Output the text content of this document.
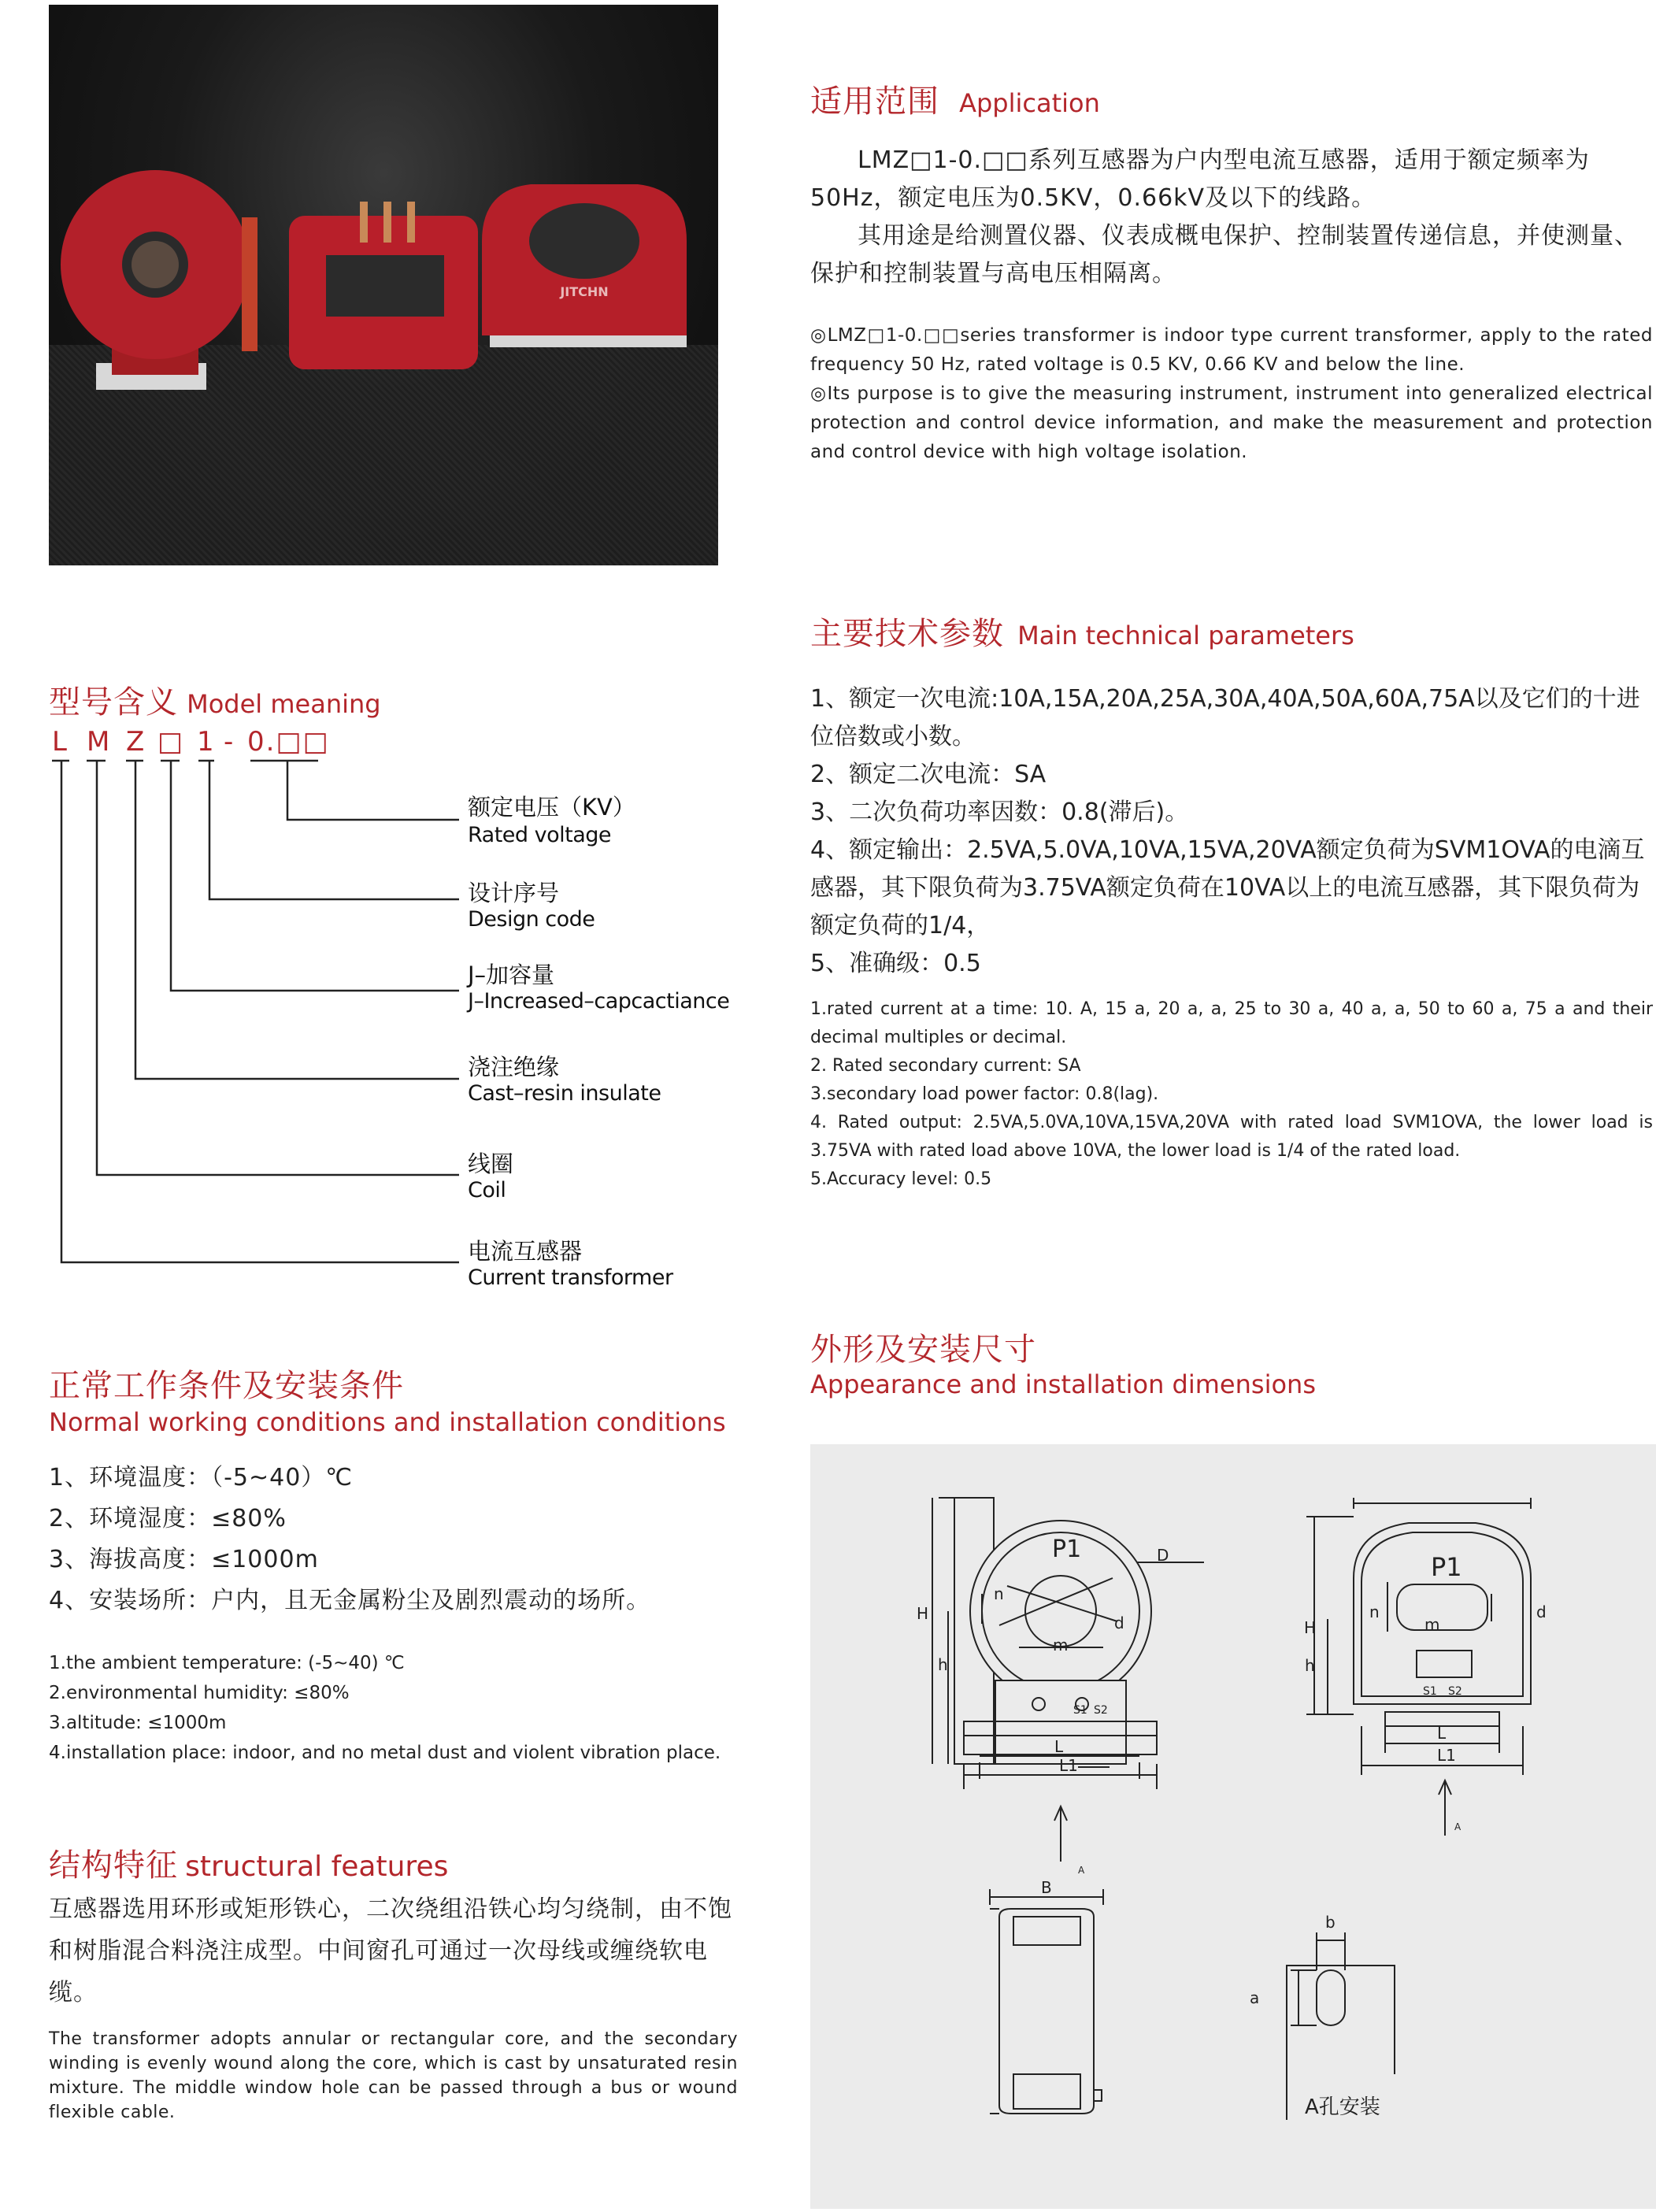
JITCHN
适用范围 Application

LMZ□1-0.□□系列互感器为户内型电流互感器，适用于额定频率为50Hz，额定电压为0.5KV，0.66kV及以下的线路。

其用途是给测置仪器、仪表成概电保护、控制装置传递信息，并使测量、保护和控制装置与高电压相隔离。

◎LMZ□1-0.□□series transformer is indoor type current transformer, apply to the rated frequency 50 Hz, rated voltage is 0.5 KV, 0.66 KV and below the line.

◎Its purpose is to give the measuring instrument, instrument into generalized electrical protection and control device information, and make the measurement and protection and control device with high voltage isolation.

型号含义 Model meaning
L M Z □ 1 - 0.□□
额定电压（KV）
Rated voltage
设计序号
Design code
J–加容量
J–Increased–capcactiance
浇注绝缘
Cast–resin insulate
线圈
Coil
电流互感器
Current transformer
主要技术参数 Main technical parameters

1、额定一次电流:10A,15A,20A,25A,30A,40A,50A,60A,75A以及它们的十进位倍数或小数。

2、额定二次电流：SA

3、二次负荷功率因数：0.8(滞后)。

4、额定输出：2.5VA,5.0VA,10VA,15VA,20VA额定负荷为SVM1OVA的电滴互感器，其下限负荷为3.75VA额定负荷在10VA以上的电流互感器，其下限负荷为额定负荷的1/4，

5、准确级：0.5

1.rated current at a time: 10. A, 15 a, 20 a, a, 25 to 30 a, 40 a, a, 50 to 60 a, 75 a and their decimal multiples or decimal.

2. Rated secondary current: SA

3.secondary load power factor: 0.8(lag).

4. Rated output: 2.5VA,5.0VA,10VA,15VA,20VA with rated load SVM1OVA, the lower load is 3.75VA with rated load above 10VA, the lower load is 1/4 of the rated load.

5.Accuracy level: 0.5

正常工作条件及安装条件
Normal working conditions and installation conditions

1、环境温度：（-5~40）℃

2、环境湿度：≤80%

3、海拔高度：≤1000m

4、安装场所：户内，且无金属粉尘及剧烈震动的场所。

1.the ambient temperature: (-5~40) ℃

2.environmental humidity: ≤80%

3.altitude: ≤1000m

4.installation place: indoor, and no metal dust and violent vibration place.

结构特征 structural features

互感器选用环形或矩形铁心，二次绕组沿铁心均匀绕制，由不饱和树脂混合料浇注成型。中间窗孔可通过一次母线或缠绕软电缆。

The transformer adopts annular or rectangular core, and the secondary winding is evenly wound along the core, which is cast by unsaturated resin mixture. The middle window hole can be passed through a bus or wound flexible cable.

外形及安装尺寸
Appearance and installation dimensions
P1	D
H
h
n
m
d
L
L1
S1 S2
A
P1
d
H
h
n
m
L
L1
S1 S2
A
B
b
a
A孔安装
